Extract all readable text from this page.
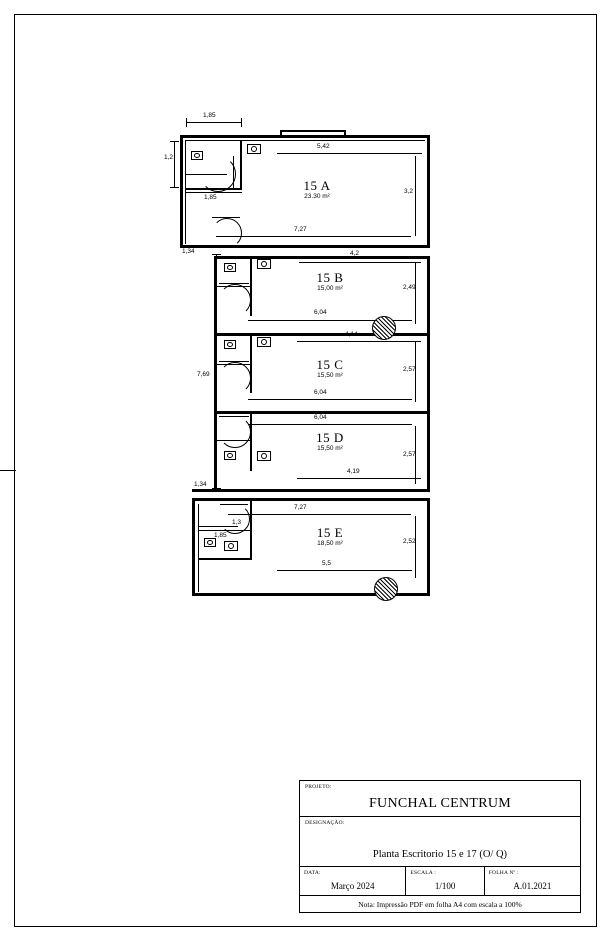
15 A
23.30 m²
1,85
5,42
1,2
1,85
3,2
7,27
1,34
15 B
15,00 m²
4,2
2,49
6,04
15 C
15,50 m²
4,14
2,57
6,04
15 D
15,50 m²
6,04
2,57
4,19
1,34
15 E
18,50 m²
7,27
1,3
1,85
2,52
5,5
7,69
PROJETO:
FUNCHAL CENTRUM
DESIGNAÇÃO:
Planta Escritorio 15 e 17 (O/ Q)
DATA:
Março 2024
ESCALA :
1/100
FOLHA Nº :
A.01.2021
Nota: Impressão PDF em folha A4 com escala a 100%
